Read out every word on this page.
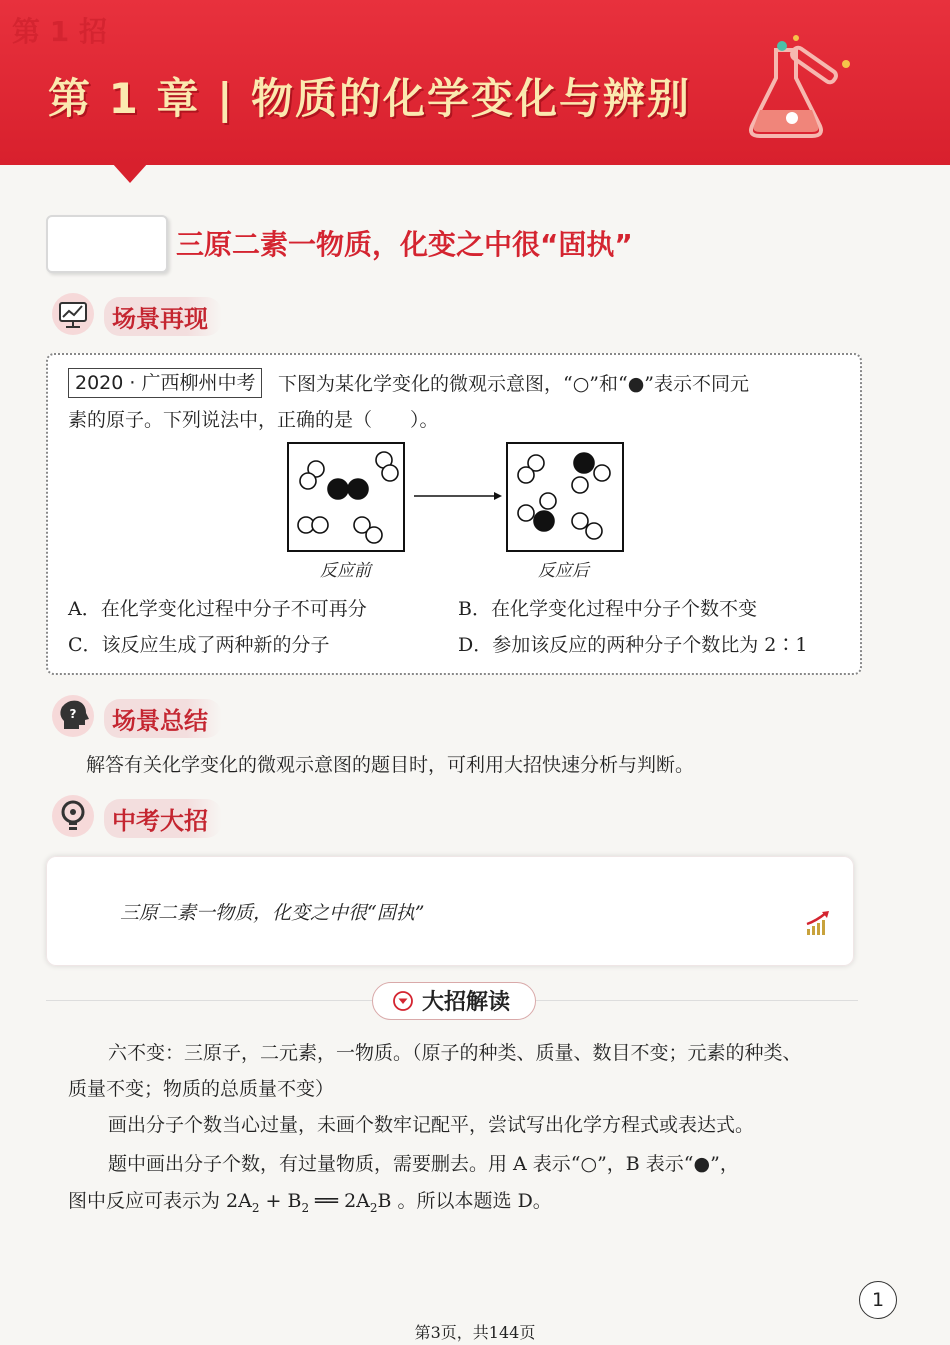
第 1 章 | 物质的化学变化与辨别
第 1 招
三原二素一物质，化变之中很“固执”
场景再现
2020 · 广西柳州中考	下图为某化学变化的微观示意图，“○”和“●”表示不同元
素的原子。下列说法中，正确的是（　　）。
反应前	反应后
A．在化学变化过程中分子不可再分	B．在化学变化过程中分子个数不变
C．该反应生成了两种新的分子	D．参加该反应的两种分子个数比为 2∶1
?	场景总结
解答有关化学变化的微观示意图的题目时，可利用大招快速分析与判断。
中考大招
三原二素一物质，化变之中很“固执”
大招解读
六不变：三原子，二元素，一物质。（原子的种类、质量、数目不变；元素的种类、
质量不变；物质的总质量不变）
画出分子个数当心过量，未画个数牢记配平，尝试写出化学方程式或表达式。
题中画出分子个数，有过量物质，需要删去。用 A 表示“○”，B 表示“●”，
图中反应可表示为 $2A_2 + B_2$ ══ $2A_2B$ 。所以本题选 D。
1
第3页，共144页
